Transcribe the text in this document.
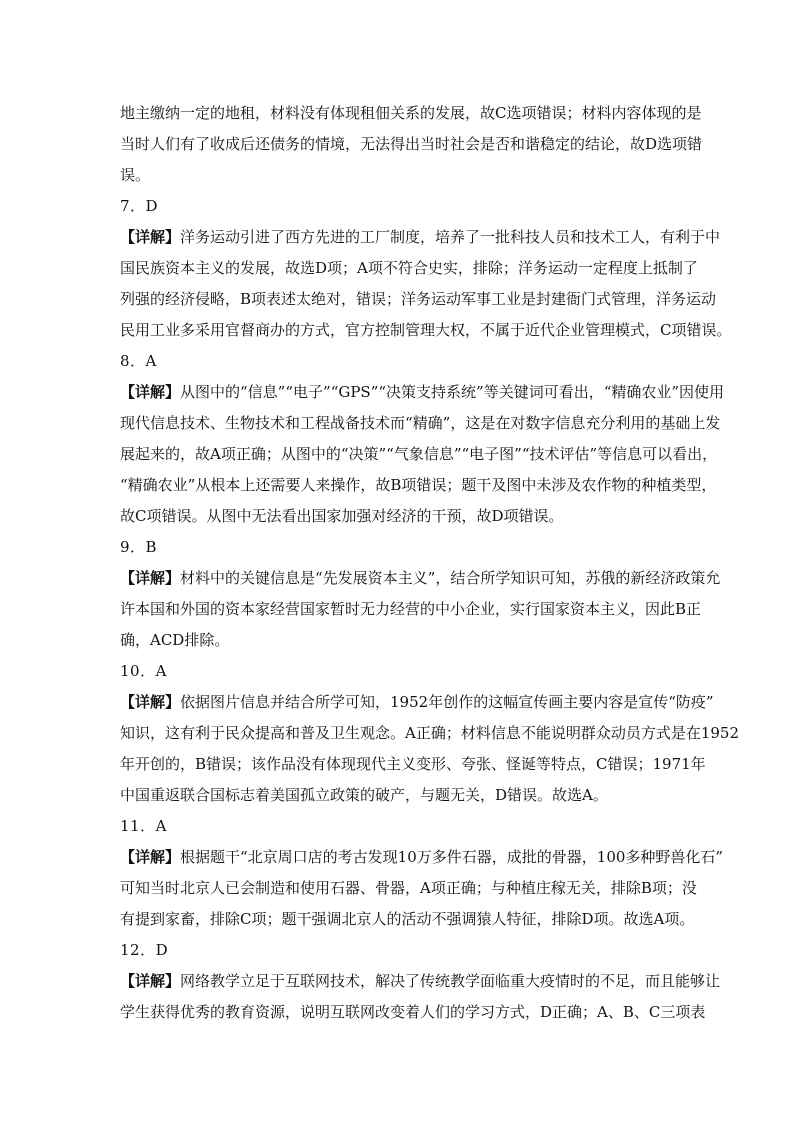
地主缴纳一定的地租，材料没有体现租佃关系的发展，故C选项错误；材料内容体现的是
当时人们有了收成后还债务的情境，无法得出当时社会是否和谐稳定的结论，故D选项错
误。
7．D
【详解】洋务运动引进了西方先进的工厂制度，培养了一批科技人员和技术工人，有利于中
国民族资本主义的发展，故选D项；A项不符合史实，排除；洋务运动一定程度上抵制了
列强的经济侵略，B项表述太绝对，错误；洋务运动军事工业是封建衙门式管理，洋务运动
民用工业多采用官督商办的方式，官方控制管理大权，不属于近代企业管理模式，C项错误。
8．A
【详解】从图中的“信息”“电子”“GPS”“决策支持系统”等关键词可看出，“精确农业”因使用
现代信息技术、生物技术和工程战备技术而“精确”，这是在对数字信息充分利用的基础上发
展起来的，故A项正确；从图中的“决策”“气象信息”“电子图”“技术评估”等信息可以看出，
“精确农业”从根本上还需要人来操作，故B项错误；题干及图中未涉及农作物的种植类型，
故C项错误。从图中无法看出国家加强对经济的干预，故D项错误。
9．B
【详解】材料中的关键信息是“先发展资本主义”，结合所学知识可知，苏俄的新经济政策允
许本国和外国的资本家经营国家暂时无力经营的中小企业，实行国家资本主义，因此B正
确，ACD排除。
10．A
【详解】依据图片信息并结合所学可知，1952年创作的这幅宣传画主要内容是宣传“防疫”
知识，这有利于民众提高和普及卫生观念。A正确；材料信息不能说明群众动员方式是在1952
年开创的，B错误；该作品没有体现现代主义变形、夸张、怪诞等特点，C错误；1971年
中国重返联合国标志着美国孤立政策的破产，与题无关，D错误。故选A。
11．A
【详解】根据题干“北京周口店的考古发现10万多件石器，成批的骨器，100多种野兽化石”
可知当时北京人已会制造和使用石器、骨器，A项正确；与种植庄稼无关，排除B项；没
有提到家畜，排除C项；题干强调北京人的活动不强调猿人特征，排除D项。故选A项。
12．D
【详解】网络教学立足于互联网技术，解决了传统教学面临重大疫情时的不足，而且能够让
学生获得优秀的教育资源，说明互联网改变着人们的学习方式，D正确；A、B、C三项表
